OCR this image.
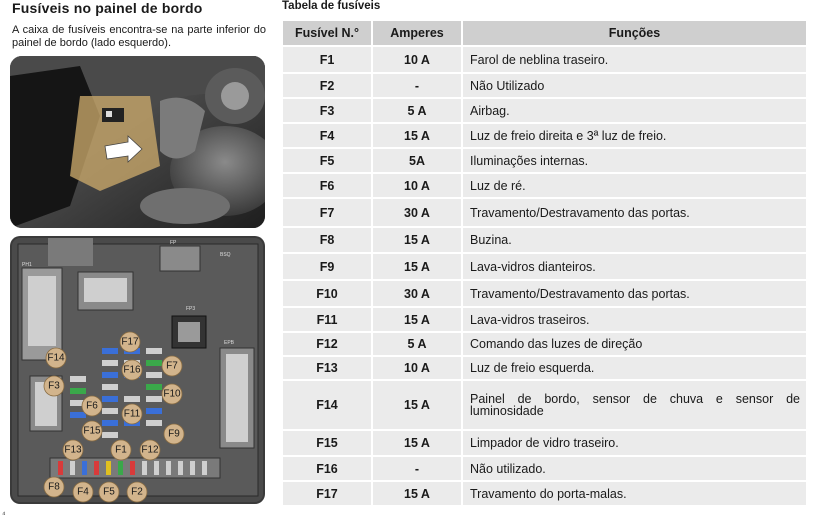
Fusíveis no painel de bordo
A caixa de fusíveis encontra-se na parte inferior do painel de bordo (lado esquerdo).
PH1
FP
FP3
EPB
BSQ
F17
F14
F16	F7
F3
F10
F6
F11
F15	F9
F13	F1 F12
F8 F4 F5 F2
⁴
Tabela de fusíveis
Fusível N.°	Amperes	Funções
F1	10 A	Farol de neblina traseiro.
F2	-	Não Utilizado
F3	5 A	Airbag.
F4	15 A	Luz de freio direita e 3ª luz de freio.
F5	5A	Iluminações internas.
F6	10 A	Luz de ré.
F7	30 A	Travamento/Destravamento das portas.
F8	15 A	Buzina.
F9	15 A	Lava-vidros dianteiros.
F10	30 A	Travamento/Destravamento das portas.
F11	15 A	Lava-vidros traseiros.
F12	5 A	Comando das luzes de direção
F13	10 A	Luz de freio esquerda.
F14	15 A	Painel de bordo, sensor de chuva e sensor de luminosidade
F15	15 A	Limpador de vidro traseiro.
F16	-	Não utilizado.
F17	15 A	Travamento do porta-malas.
